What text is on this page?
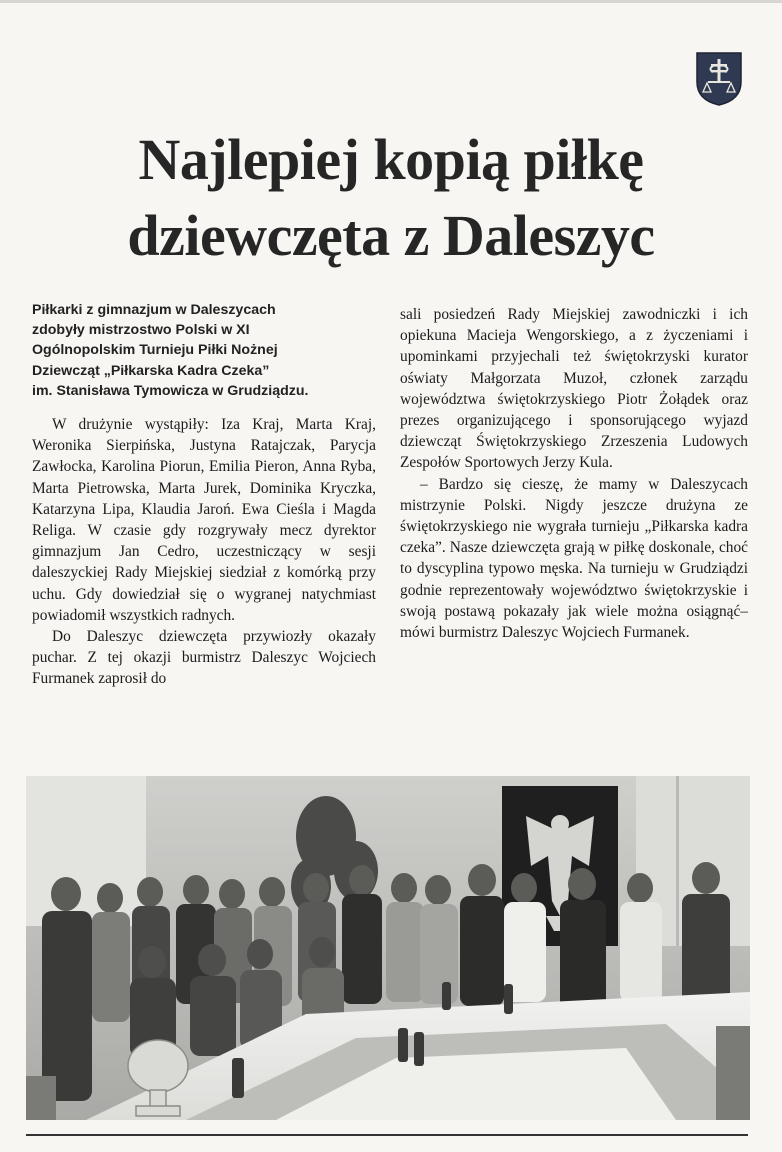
Najlepiej kopią piłkę
dziewczęta z Daleszyc
Piłkarki z gimnazjum w Daleszycach
zdobyły mistrzostwo Polski w XI
Ogólnopolskim Turnieju Piłki Nożnej
Dziewcząt „Piłkarska Kadra Czeka”
im. Stanisława Tymowicza w Grudziądzu.

W drużynie wystąpiły: Iza Kraj, Marta Kraj, Weronika Sierpińska, Justyna Ratajczak, Parycja Zawłocka, Karolina Piorun, Emilia Pieron, Anna Ryba, Marta Pietrowska, Marta Jurek, Dominika Kryczka, Katarzyna Lipa, Klaudia Jaroń. Ewa Cieśla i Magda Religa. W czasie gdy rozgrywały mecz dyrektor gimnazjum Jan Cedro, uczestniczący w sesji daleszyckiej Rady Miejskiej siedział z komórką przy uchu. Gdy dowiedział się o wygranej natychmiast powiadomił wszystkich radnych.

Do Daleszyc dziewczęta przywiozły okazały puchar. Z tej okazji burmistrz Daleszyc Wojciech Furmanek zaprosił do

sali posiedzeń Rady Miejskiej zawodniczki i ich opiekuna Macieja Wengorskiego, a z życzeniami i upominkami przyjechali też świętokrzyski kurator oświaty Małgorzata Muzoł, członek zarządu województwa świętokrzyskiego Piotr Żołądek oraz prezes organizującego i sponsorującego wyjazd dziewcząt Świętokrzyskiego Zrzeszenia Ludowych Zespołów Sportowych Jerzy Kula.

– Bardzo się cieszę, że mamy w Daleszycach mistrzynie Polski. Nigdy jeszcze drużyna ze świętokrzyskiego nie wygrała turnieju „Piłkarska kadra czeka”. Nasze dziewczęta grają w piłkę doskonale, choć to dyscyplina typowo męska. Na turnieju w Grudziądzi godnie reprezentowały województwo świętokrzyskie i swoją postawą pokazały jak wiele można osiągnąć– mówi burmistrz Daleszyc Wojciech Furmanek.
